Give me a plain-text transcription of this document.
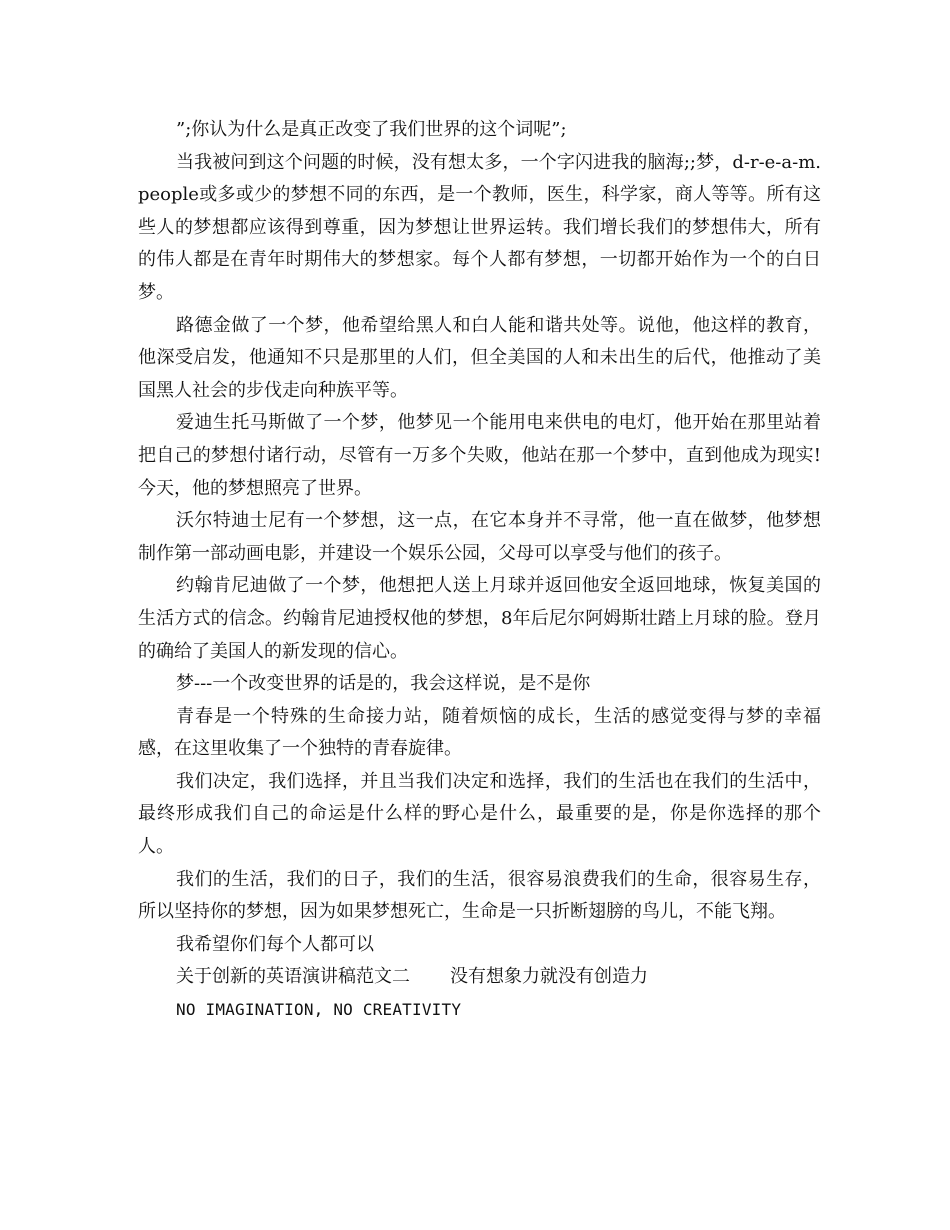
”;你认为什么是真正改变了我们世界的这个词呢”;

当我被问到这个问题的时候，没有想太多，一个字闪进我的脑海;;梦，d-r-e-a-m.people或多或少的梦想不同的东西，是一个教师，医生，科学家，商人等等。所有这些人的梦想都应该得到尊重，因为梦想让世界运转。我们增长我们的梦想伟大，所有的伟人都是在青年时期伟大的梦想家。每个人都有梦想，一切都开始作为一个的白日梦。

路德金做了一个梦，他希望给黑人和白人能和谐共处等。说他，他这样的教育，他深受启发，他通知不只是那里的人们，但全美国的人和未出生的后代，他推动了美国黑人社会的步伐走向种族平等。

爱迪生托马斯做了一个梦，他梦见一个能用电来供电的电灯，他开始在那里站着把自己的梦想付诸行动，尽管有一万多个失败，他站在那一个梦中，直到他成为现实!今天，他的梦想照亮了世界。

沃尔特迪士尼有一个梦想，这一点，在它本身并不寻常，他一直在做梦，他梦想制作第一部动画电影，并建设一个娱乐公园，父母可以享受与他们的孩子。

约翰肯尼迪做了一个梦，他想把人送上月球并返回他安全返回地球，恢复美国的生活方式的信念。约翰肯尼迪授权他的梦想，8年后尼尔阿姆斯壮踏上月球的脸。登月的确给了美国人的新发现的信心。

梦---一个改变世界的话是的，我会这样说，是不是你

青春是一个特殊的生命接力站，随着烦恼的成长，生活的感觉变得与梦的幸福感，在这里收集了一个独特的青春旋律。

我们决定，我们选择，并且当我们决定和选择，我们的生活也在我们的生活中，最终形成我们自己的命运是什么样的野心是什么，最重要的是，你是你选择的那个人。

我们的生活，我们的日子，我们的生活，很容易浪费我们的生命，很容易生存，所以坚持你的梦想，因为如果梦想死亡，生命是一只折断翅膀的鸟儿，不能飞翔。

我希望你们每个人都可以

关于创新的英语演讲稿范文二 没有想象力就没有创造力

NO IMAGINATION, NO CREATIVITY
